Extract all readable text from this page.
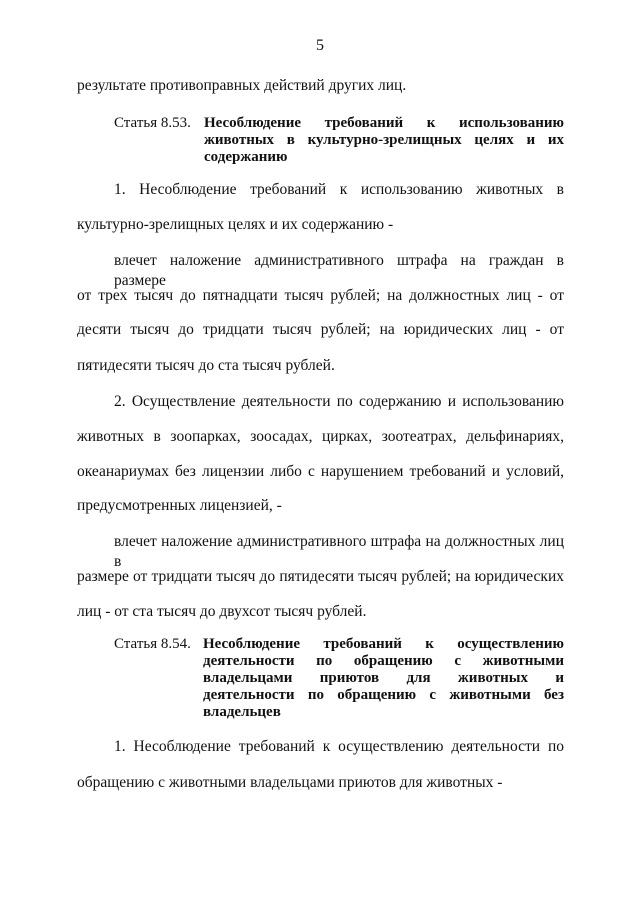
5
результате противоправных действий других лиц.
Статья 8.53. Несоблюдение требований к использованию
животных в культурно-зрелищных целях и их
содержанию
1. Несоблюдение требований к использованию животных в
культурно-зрелищных целях и их содержанию -
влечет наложение административного штрафа на граждан в размере
от трех тысяч до пятнадцати тысяч рублей; на должностных лиц - от
десяти тысяч до тридцати тысяч рублей; на юридических лиц - от
пятидесяти тысяч до ста тысяч рублей.
2. Осуществление деятельности по содержанию и использованию
животных в зоопарках, зоосадах, цирках, зоотеатрах, дельфинариях,
океанариумах без лицензии либо с нарушением требований и условий,
предусмотренных лицензией, -
влечет наложение административного штрафа на должностных лиц в
размере от тридцати тысяч до пятидесяти тысяч рублей; на юридических
лиц - от ста тысяч до двухсот тысяч рублей.
Статья 8.54. Несоблюдение требований к осуществлению
деятельности по обращению с животными
владельцами приютов для животных и
деятельности по обращению с животными без
владельцев
1. Несоблюдение требований к осуществлению деятельности по
обращению с животными владельцами приютов для животных -
